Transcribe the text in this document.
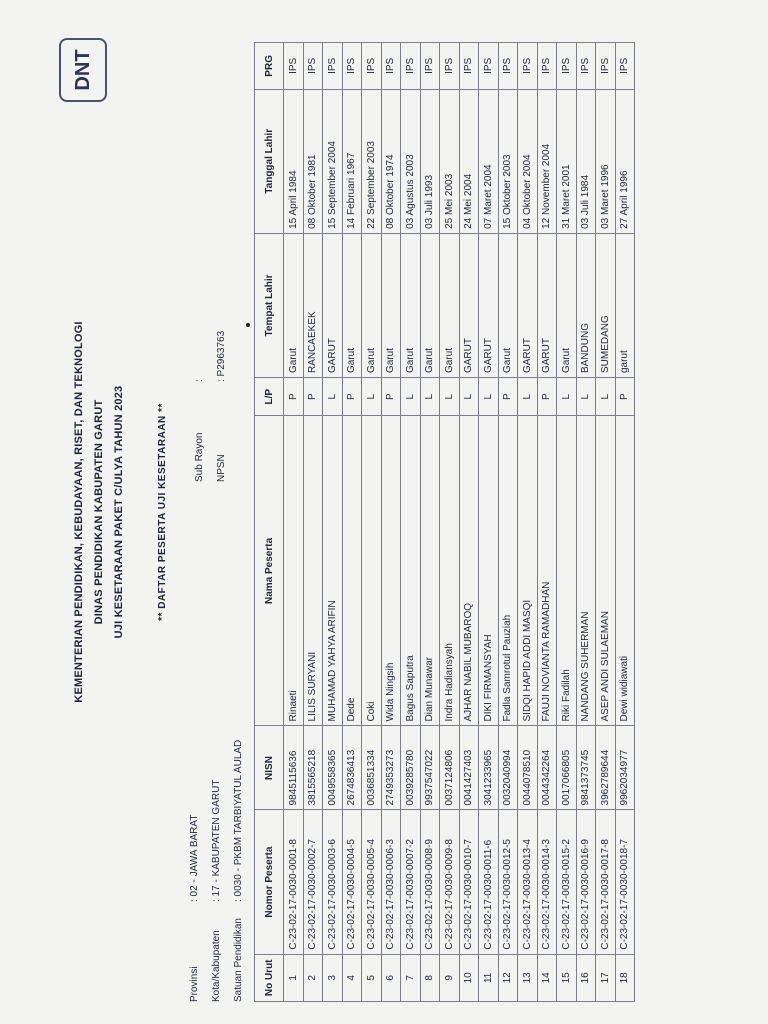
KEMENTERIAN PENDIDIKAN, KEBUDAYAAN, RISET, DAN TEKNOLOGI DINAS PENDIDIKAN KABUPATEN GARUT UJI KESETARAAN PAKET C/ULYA TAHUN 2023
DNT
** DAFTAR PESERTA UJI KESETARAAN **
Provinsi: 02 - JAWA BARAT
Kota/Kabupaten: 17 - KABUPATEN GARUT
Satuan Pendidikan: 0030 - PKBM TARBIYATUL AULAD
Sub Rayon:
NPSN: P2963763
No Urut	Nomor Peserta	NISN	Nama Peserta	L/P	Tempat Lahir	Tanggal Lahir	PRG
1	C-23-02-17-0030-0001-8	9845115636	Rinaeti	P	Garut	15 April 1984	IPS
2	C-23-02-17-0030-0002-7	3815565218	LILIS SURYANI	P	RANCAEKEK	08 Oktober 1981	IPS
3	C-23-02-17-0030-0003-6	0049558365	MUHAMAD YAHYA ARIFIN	L	GARUT	15 September 2004	IPS
4	C-23-02-17-0030-0004-5	2674836413	Dede	P	Garut	14 Februari 1967	IPS
5	C-23-02-17-0030-0005-4	0036851334	Coki	L	Garut	22 September 2003	IPS
6	C-23-02-17-0030-0006-3	2749353273	Wida Ningsih	P	Garut	08 Oktober 1974	IPS
7	C-23-02-17-0030-0007-2	0039285780	Bagus Saputra	L	Garut	03 Agustus 2003	IPS
8	C-23-02-17-0030-0008-9	9937547022	Dian Munawar	L	Garut	03 Juli 1993	IPS
9	C-23-02-17-0030-0009-8	0037124806	Indra Hadiansyah	L	Garut	25 Mei 2003	IPS
10	C-23-02-17-0030-0010-7	0041427403	AJHAR NABIL MUBAROQ	L	GARUT	24 Mei 2004	IPS
11	C-23-02-17-0030-0011-6	3041233965	DIKI FIRMANSYAH	L	GARUT	07 Maret 2004	IPS
12	C-23-02-17-0030-0012-5	0032040994	Fadla Samrotul Pauziah	P	Garut	15 Oktober 2003	IPS
13	C-23-02-17-0030-0013-4	0044078510	SIDQI HAPID ADDI MASQI	L	GARUT	04 Oktober 2004	IPS
14	C-23-02-17-0030-0014-3	0044342264	FAUJI NOVIANTA RAMADHAN	P	GARUT	12 November 2004	IPS
15	C-23-02-17-0030-0015-2	0017066805	Riki Fadilah	L	Garut	31 Maret 2001	IPS
16	C-23-02-17-0030-0016-9	9841373745	NANDANG SUHERMAN	L	BANDUNG	03 Juli 1984	IPS
17	C-23-02-17-0030-0017-8	3962789644	ASEP ANDI SULAEMAN	L	SUMEDANG	03 Maret 1996	IPS
18	C-23-02-17-0030-0018-7	9962034977	Dewi widiawati	P	garut	27 April 1996	IPS
